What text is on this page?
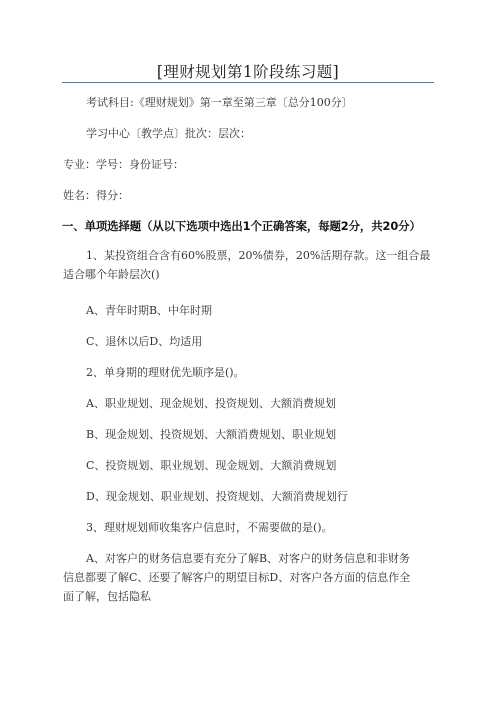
[理财规划第1阶段练习题]
考试科目:《理财规划》第一章至第三章〔总分100分〕
学习中心〔教学点〕批次：层次：
专业：学号：身份证号：
姓名：得分：
一、单项选择题（从以下选项中选出1个正确答案，每题2分，共20分）
1、某投资组合含有60%股票，20%债券，20%活期存款。这一组合最
适合哪个年龄层次()
A、青年时期B、中年时期
C、退休以后D、均适用
2、单身期的理财优先顺序是()。
A、职业规划、现金规划、投资规划、大额消费规划
B、现金规划、投资规划、大额消费规划、职业规划
C、投资规划、职业规划、现金规划、大额消费规划
D、现金规划、职业规划、投资规划、大额消费规划行
3、理财规划师收集客户信息时，不需要做的是()。
A、对客户的财务信息要有充分了解B、对客户的财务信息和非财务
信息都要了解C、还要了解客户的期望目标D、对客户各方面的信息作全
面了解，包括隐私
